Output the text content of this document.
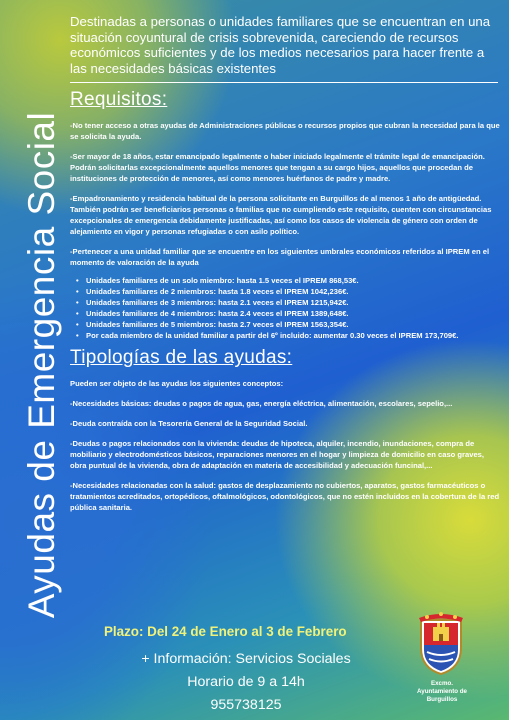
Ayudas de Emergencia Social

Destinadas a personas o unidades familiares que se encuentran en una situación coyuntural de crisis sobrevenida, careciendo de recursos económicos suficientes y de los medios necesarios para hacer frente a las necesidades básicas existentes

Requisitos:

-No tener acceso a otras ayudas de Administraciones públicas o recursos propios que cubran la necesidad para la que se solicita la ayuda.

-Ser mayor de 18 años, estar emancipado legalmente o haber iniciado legalmente el trámite legal de emancipación. Podrán solicitarlas excepcionalmente aquellos menores que tengan a su cargo hijos, aquellos que procedan de instituciones de protección de menores, así como menores huérfanos de padre y madre.

-Empadronamiento y residencia habitual de la persona solicitante en Burguillos de al menos 1 año de antigüedad. También podrán ser beneficiarios personas o familias que no cumpliendo este requisito, cuenten con circunstancias excepcionales de emergencia debidamente justificadas, así como los casos de violencia de género con orden de alejamiento en vigor y personas refugiadas o con asilo político.

-Pertenecer a una unidad familiar que se encuentre en los siguientes umbrales económicos referidos al IPREM en el momento de valoración de la ayuda

• Unidades familiares de un solo miembro: hasta 1.5 veces el IPREM 868,53€.
• Unidades familiares de 2 miembros: hasta 1.8 veces el IPREM 1042,236€.
• Unidades familiares de 3 miembros: hasta 2.1 veces el IPREM 1215,942€.
• Unidades familiares de 4 miembros: hasta 2.4 veces el IPREM 1389,648€.
• Unidades familiares de 5 miembros: hasta 2.7 veces el IPREM 1563,354€.
• Por cada miembro de la unidad familiar a partir del 6º incluido: aumentar 0.30 veces el IPREM 173,709€.
Tipologías de las ayudas:

Pueden ser objeto de las ayudas los siguientes conceptos:

-Necesidades básicas: deudas o pagos de agua, gas, energía eléctrica, alimentación, escolares, sepelio,...

-Deuda contraída con la Tesorería General de la Seguridad Social.

-Deudas o pagos relacionados con la vivienda: deudas de hipoteca, alquiler, incendio, inundaciones, compra de mobiliario y electrodomésticos básicos, reparaciones menores en el hogar y limpieza de domicilio en caso graves, obra puntual de la vivienda, obra de adaptación en materia de accesibilidad y adecuación funcinal,...

-Necesidades relacionadas con la salud: gastos de desplazamiento no cubiertos, aparatos, gastos farmacéuticos o tratamientos acreditados, ortopédicos, oftalmológicos, odontológicos, que no estén incluidos en la cobertura de la red pública sanitaria.

Plazo: Del 24 de Enero al 3 de Febrero
+ Información: Servicios Sociales
Horario de 9 a 14h
955738125
Excmo.
Ayuntamiento de
Burguillos
